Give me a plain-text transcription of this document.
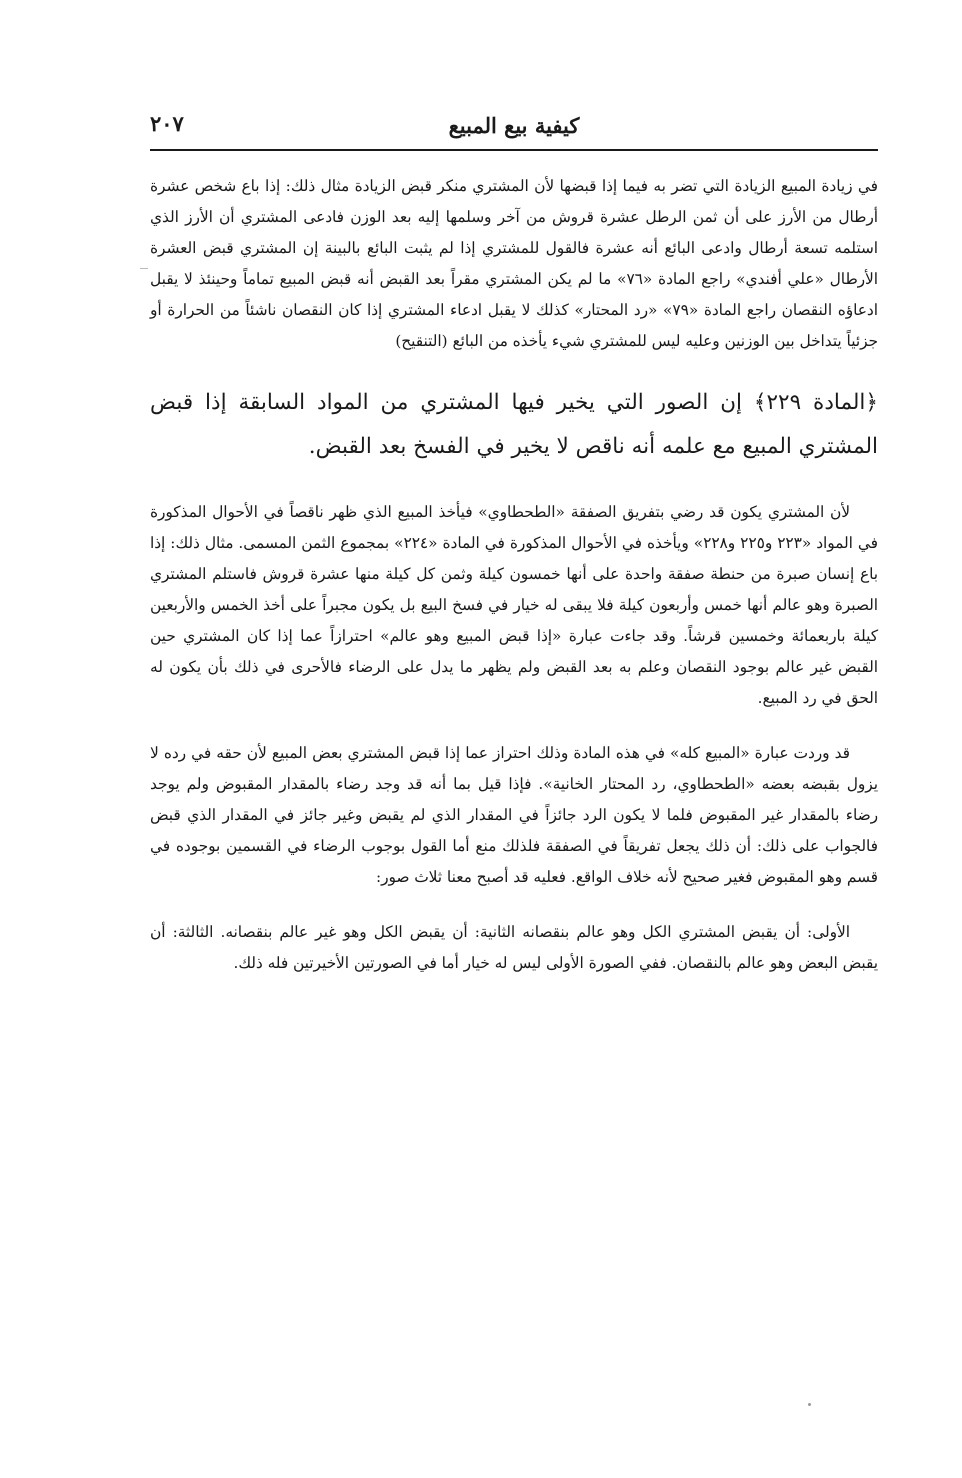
كيفية بيع المبيع
٢٠٧

في زيادة المبيع الزيادة التي تضر به فيما إذا قبضها لأن المشتري منكر قبض الزيادة مثال ذلك: إذا باع شخص عشرة أرطال من الأرز على أن ثمن الرطل عشرة قروش من آخر وسلمها إليه بعد الوزن فادعى المشتري أن الأرز الذي استلمه تسعة أرطال وادعى البائع أنه عشرة فالقول للمشتري إذا لم يثبت البائع بالبينة إن المشتري قبض العشرة الأرطال «علي أفندي» راجع المادة «٧٦» ما لم يكن المشتري مقراً بعد القبض أنه قبض المبيع تماماً وحينئذ لا يقبل ادعاؤه النقصان راجع المادة «٧٩» «رد المحتار» كذلك لا يقبل ادعاء المشتري إذا كان النقصان ناشئاً من الحرارة أو جزئياً يتداخل بين الوزنين وعليه ليس للمشتري شيء يأخذه من البائع (التنقيح)

﴿المادة ٢٢٩﴾ إن الصور التي يخير فيها المشتري من المواد السابقة إذا قبض المشتري المبيع مع علمه أنه ناقص لا يخير في الفسخ بعد القبض.

لأن المشتري يكون قد رضي بتفريق الصفقة «الطحطاوي» فيأخذ المبيع الذي ظهر ناقصاً في الأحوال المذكورة في المواد «٢٢٣ و٢٢٥ و٢٢٨» ويأخذه في الأحوال المذكورة في المادة «٢٢٤» بمجموع الثمن المسمى. مثال ذلك: إذا باع إنسان صبرة من حنطة صفقة واحدة على أنها خمسون كيلة وثمن كل كيلة منها عشرة قروش فاستلم المشتري الصبرة وهو عالم أنها خمس وأربعون كيلة فلا يبقى له خيار في فسخ البيع بل يكون مجبراً على أخذ الخمس والأربعين كيلة باربعمائة وخمسين قرشاً. وقد جاءت عبارة «إذا قبض المبيع وهو عالم» احترازاً عما إذا كان المشتري حين القبض غير عالم بوجود النقصان وعلم به بعد القبض ولم يظهر ما يدل على الرضاء فالأحرى في ذلك بأن يكون له الحق في رد المبيع.

قد وردت عبارة «المبيع كله» في هذه المادة وذلك احتراز عما إذا قبض المشتري بعض المبيع لأن حقه في رده لا يزول بقبضه بعضه «الطحطاوي، رد المحتار الخانية». فإذا قيل بما أنه قد وجد رضاء بالمقدار المقبوض ولم يوجد رضاء بالمقدار غير المقبوض فلما لا يكون الرد جائزاً في المقدار الذي لم يقبض وغير جائز في المقدار الذي قبض فالجواب على ذلك: أن ذلك يجعل تفريقاً في الصفقة فلذلك منع أما القول بوجوب الرضاء في القسمين بوجوده في قسم وهو المقبوض فغير صحيح لأنه خلاف الواقع. فعليه قد أصبح معنا ثلاث صور:

الأولى: أن يقبض المشتري الكل وهو عالم بنقصانه الثانية: أن يقبض الكل وهو غير عالم بنقصانه. الثالثة: أن يقبض البعض وهو عالم بالنقصان. ففي الصورة الأولى ليس له خيار أما في الصورتين الأخيرتين فله ذلك.
